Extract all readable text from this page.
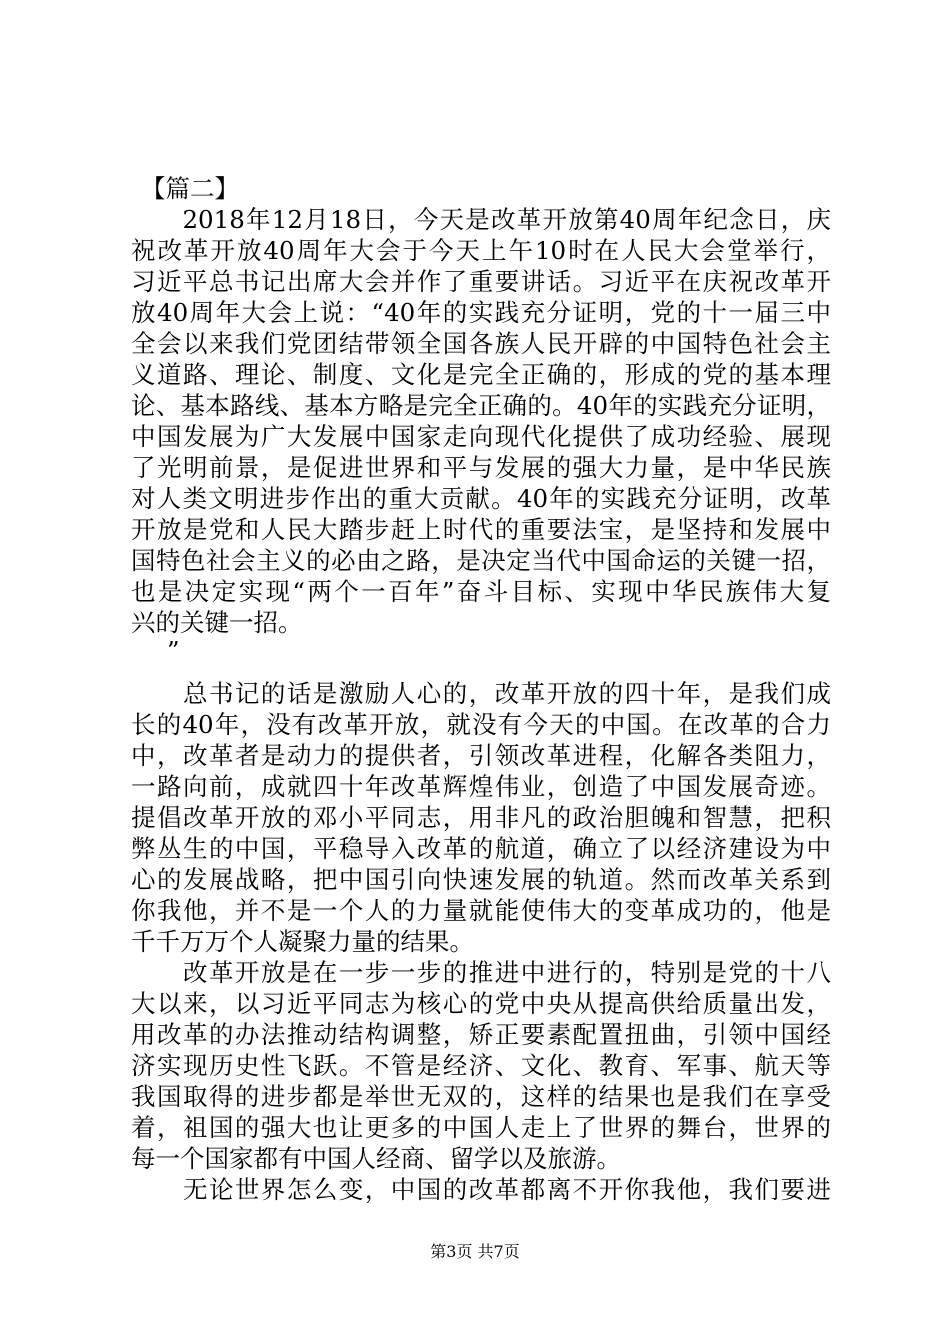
【篇二】
　　2018年12月18日，今天是改革开放第40周年纪念日，庆
祝改革开放40周年大会于今天上午10时在人民大会堂举行，
习近平总书记出席大会并作了重要讲话。习近平在庆祝改革开
放40周年大会上说：“40年的实践充分证明，党的十一届三中
全会以来我们党团结带领全国各族人民开辟的中国特色社会主
义道路、理论、制度、文化是完全正确的，形成的党的基本理
论、基本路线、基本方略是完全正确的。40年的实践充分证明，
中国发展为广大发展中国家走向现代化提供了成功经验、展现
了光明前景，是促进世界和平与发展的强大力量，是中华民族
对人类文明进步作出的重大贡献。40年的实践充分证明，改革
开放是党和人民大踏步赶上时代的重要法宝，是坚持和发展中
国特色社会主义的必由之路，是决定当代中国命运的关键一招，
也是决定实现“两个一百年”奋斗目标、实现中华民族伟大复
兴的关键一招。
”
　　总书记的话是激励人心的，改革开放的四十年，是我们成
长的40年，没有改革开放，就没有今天的中国。在改革的合力
中，改革者是动力的提供者，引领改革进程，化解各类阻力，
一路向前，成就四十年改革辉煌伟业，创造了中国发展奇迹。
提倡改革开放的邓小平同志，用非凡的政治胆魄和智慧，把积
弊丛生的中国，平稳导入改革的航道，确立了以经济建设为中
心的发展战略，把中国引向快速发展的轨道。然而改革关系到
你我他，并不是一个人的力量就能使伟大的变革成功的，他是
千千万万个人凝聚力量的结果。
　　改革开放是在一步一步的推进中进行的，特别是党的十八
大以来，以习近平同志为核心的党中央从提高供给质量出发，
用改革的办法推动结构调整，矫正要素配置扭曲，引领中国经
济实现历史性飞跃。不管是经济、文化、教育、军事、航天等
我国取得的进步都是举世无双的，这样的结果也是我们在享受
着，祖国的强大也让更多的中国人走上了世界的舞台，世界的
每一个国家都有中国人经商、留学以及旅游。
　　无论世界怎么变，中国的改革都离不开你我他，我们要进
第3页 共7页
